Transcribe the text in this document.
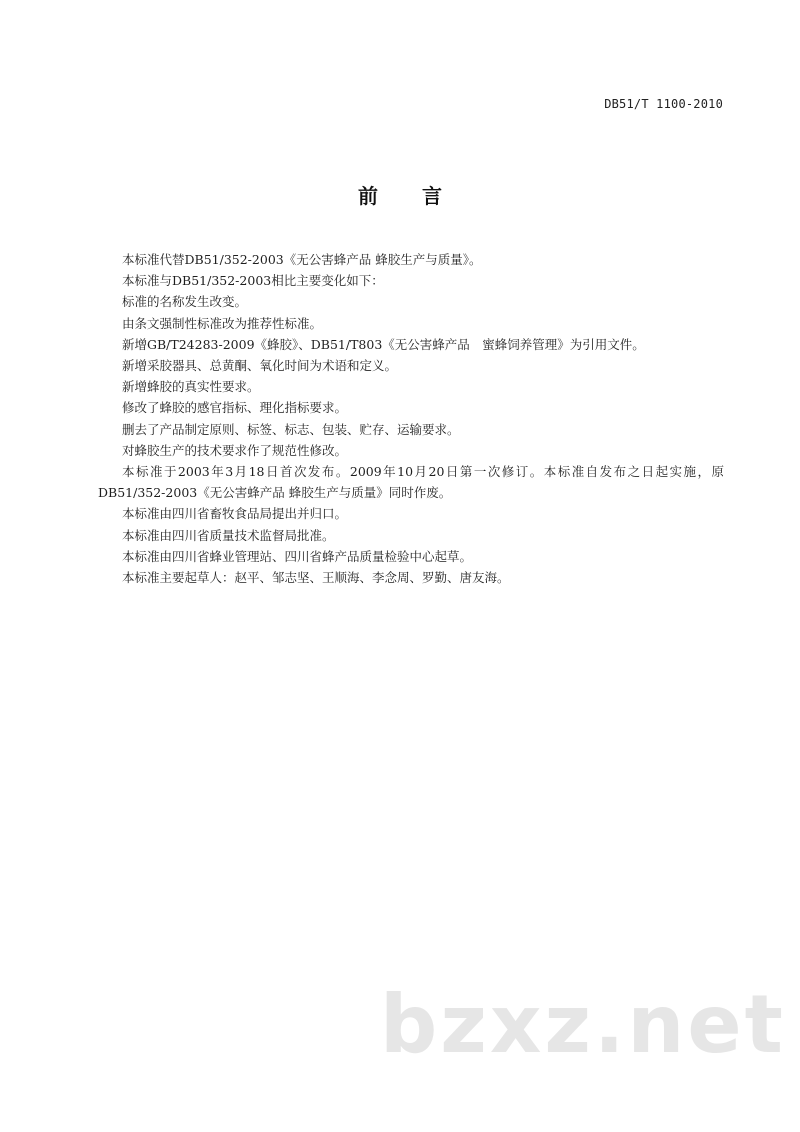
DB51/T 1100-2010
前言

本标准代替DB51/352-2003《无公害蜂产品 蜂胶生产与质量》。

本标准与DB51/352-2003相比主要变化如下：

标准的名称发生改变。

由条文强制性标准改为推荐性标准。

新增GB/T24283-2009《蜂胶》、DB51/T803《无公害蜂产品　蜜蜂饲养管理》为引用文件。

新增采胶器具、总黄酮、氧化时间为术语和定义。

新增蜂胶的真实性要求。

修改了蜂胶的感官指标、理化指标要求。

删去了产品制定原则、标签、标志、包装、贮存、运输要求。

对蜂胶生产的技术要求作了规范性修改。

本标准于2003年3月18日首次发布。2009年10月20日第一次修订。本标准自发布之日起实施，原DB51/352-2003《无公害蜂产品 蜂胶生产与质量》同时作废。

本标准由四川省畜牧食品局提出并归口。

本标准由四川省质量技术监督局批准。

本标准由四川省蜂业管理站、四川省蜂产品质量检验中心起草。

本标准主要起草人：赵平、邹志坚、王顺海、李念周、罗勤、唐友海。

bzxz.net
